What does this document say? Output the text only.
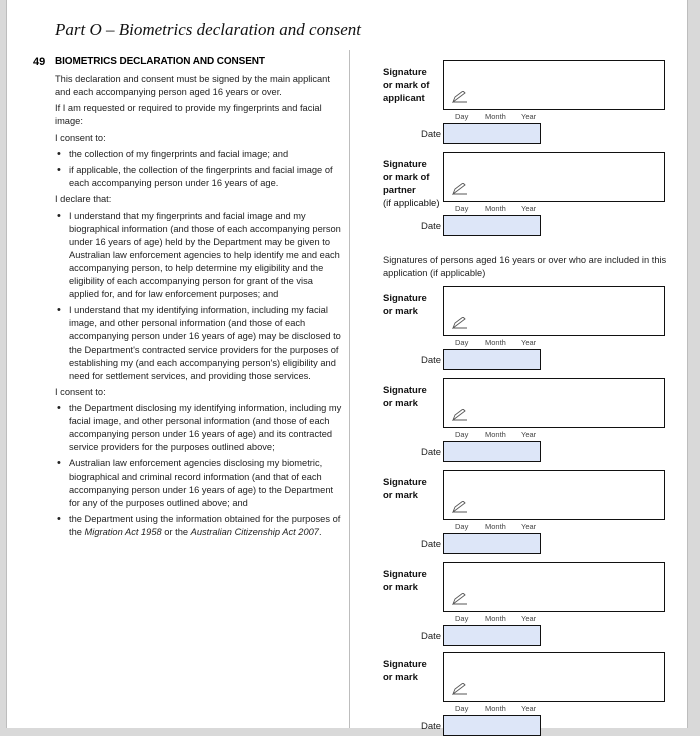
Part O – Biometrics declaration and consent
49 BIOMETRICS DECLARATION AND CONSENT

This declaration and consent must be signed by the main applicant and each accompanying person aged 16 years or over.

If I am requested or required to provide my fingerprints and facial image:

I consent to:

• the collection of my fingerprints and facial image; and
• if applicable, the collection of the fingerprints and facial image of each accompanying person under 16 years of age.

I declare that:

• I understand that my fingerprints and facial image and my biographical information (and those of each accompanying person under 16 years of age) held by the Department may be given to Australian law enforcement agencies to help identify me and each accompanying person, to help determine my eligibility and the eligibility of each accompanying person for grant of the visa applied for, and for law enforcement purposes; and
• I understand that my identifying information, including my facial image, and other personal information (and those of each accompanying person under 16 years of age) may be disclosed to the Department's contracted service providers for the purposes of establishing my (and each accompanying person's) eligibility and need for settlement services, and providing those services.

I consent to:

• the Department disclosing my identifying information, including my facial image, and other personal information (and those of each accompanying person under 16 years of age) and its contracted service providers for the purposes outlined above;
• Australian law enforcement agencies disclosing my biometric, biographical and criminal record information (and that of each accompanying person under 16 years of age) to the Department for any of the purposes outlined above; and
• the Department using the information obtained for the purposes of the Migration Act 1958 or the Australian Citizenship Act 2007.
Signature
or mark of
applicant
Day Month Year
Date
Signature
or mark of
partner
(if applicable)	Day Month Year
Date
Signatures of persons aged 16 years or over who are included in this application (if applicable)
Signature
or mark
Day Month Year
Date
Signature
or mark
Day Month Year
Date
Signature
or mark
Day Month Year
Date
Signature
or mark
Day Month Year
Date
Signature
or mark
Day Month Year
Date
